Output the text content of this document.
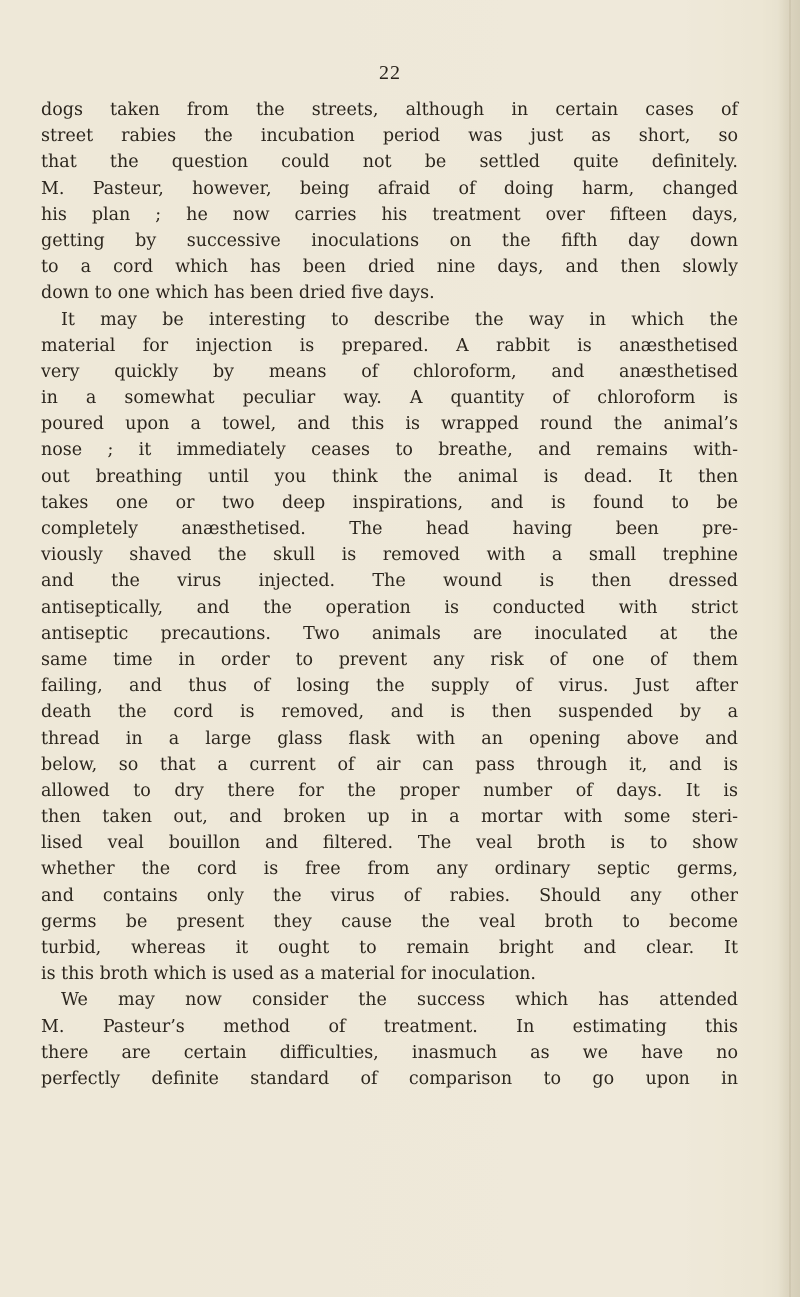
22
dogs taken from the streets, although in certain cases of
street rabies the incubation period was just as short, so
that the question could not be settled quite definitely.
M. Pasteur, however, being afraid of doing harm, changed
his plan ; he now carries his treatment over fifteen days,
getting by successive inoculations on the fifth day down
to a cord which has been dried nine days, and then slowly
down to one which has been dried five days.
It may be interesting to describe the way in which the
material for injection is prepared. A rabbit is anæsthetised
very quickly by means of chloroform, and anæsthetised
in a somewhat peculiar way. A quantity of chloroform is
poured upon a towel, and this is wrapped round the animal’s
nose ; it immediately ceases to breathe, and remains with-
out breathing until you think the animal is dead. It then
takes one or two deep inspirations, and is found to be
completely anæsthetised. The head having been pre-
viously shaved the skull is removed with a small trephine
and the virus injected. The wound is then dressed
antiseptically, and the operation is conducted with strict
antiseptic precautions. Two animals are inoculated at the
same time in order to prevent any risk of one of them
failing, and thus of losing the supply of virus. Just after
death the cord is removed, and is then suspended by a
thread in a large glass flask with an opening above and
below, so that a current of air can pass through it, and is
allowed to dry there for the proper number of days. It is
then taken out, and broken up in a mortar with some steri-
lised veal bouillon and filtered. The veal broth is to show
whether the cord is free from any ordinary septic germs,
and contains only the virus of rabies. Should any other
germs be present they cause the veal broth to become
turbid, whereas it ought to remain bright and clear. It
is this broth which is used as a material for inoculation.
We may now consider the success which has attended
M. Pasteur’s method of treatment. In estimating this
there are certain difficulties, inasmuch as we have no
perfectly definite standard of comparison to go upon in
